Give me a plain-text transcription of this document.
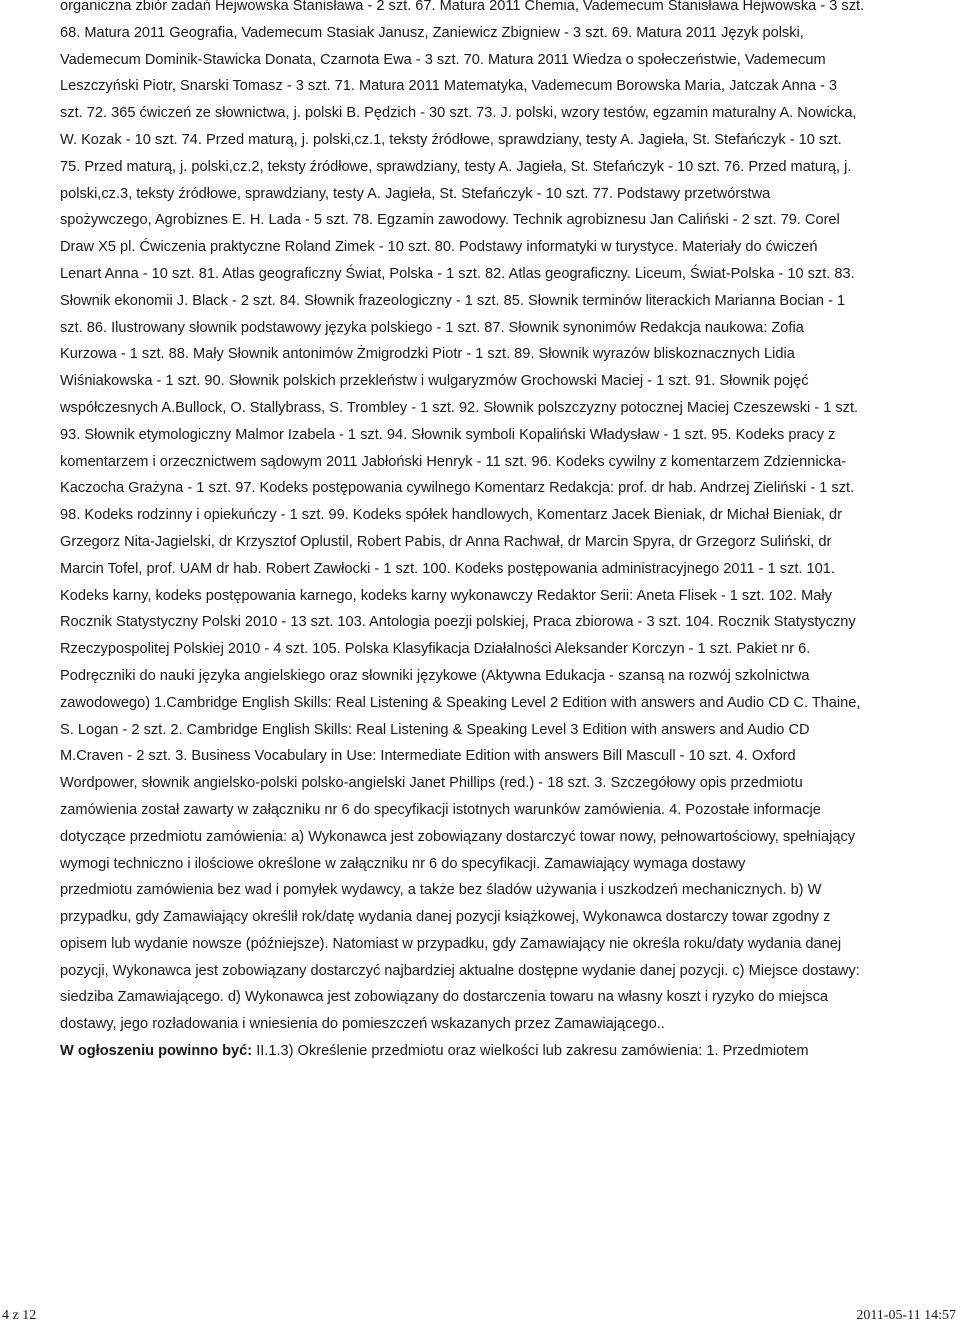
organiczna zbiór zadań Hejwowska Stanisława - 2 szt. 67. Matura 2011 Chemia, Vademecum Stanisława Hejwowska - 3 szt.
68. Matura 2011 Geografia, Vademecum Stasiak Janusz, Zaniewicz Zbigniew - 3 szt. 69. Matura 2011 Język polski,
Vademecum Dominik-Stawicka Donata, Czarnota Ewa - 3 szt. 70. Matura 2011 Wiedza o społeczeństwie, Vademecum
Leszczyński Piotr, Snarski Tomasz - 3 szt. 71. Matura 2011 Matematyka, Vademecum Borowska Maria, Jatczak Anna - 3
szt. 72. 365 ćwiczeń ze słownictwa, j. polski B. Pędzich - 30 szt. 73. J. polski, wzory testów, egzamin maturalny A. Nowicka,
W. Kozak - 10 szt. 74. Przed maturą, j. polski,cz.1, teksty źródłowe, sprawdziany, testy A. Jagieła, St. Stefańczyk - 10 szt.
75. Przed maturą, j. polski,cz.2, teksty źródłowe, sprawdziany, testy A. Jagieła, St. Stefańczyk - 10 szt. 76. Przed maturą, j.
polski,cz.3, teksty źródłowe, sprawdziany, testy A. Jagieła, St. Stefańczyk - 10 szt. 77. Podstawy przetwórstwa
spożywczego, Agrobiznes E. H. Lada - 5 szt. 78. Egzamin zawodowy. Technik agrobiznesu Jan Caliński - 2 szt. 79. Corel
Draw X5 pl. Ćwiczenia praktyczne Roland Zimek - 10 szt. 80. Podstawy informatyki w turystyce. Materiały do ćwiczeń
Lenart Anna - 10 szt. 81. Atlas geograficzny Świat, Polska - 1 szt. 82. Atlas geograficzny. Liceum, Świat-Polska - 10 szt. 83.
Słownik ekonomii J. Black - 2 szt. 84. Słownik frazeologiczny - 1 szt. 85. Słownik terminów literackich Marianna Bocian - 1
szt. 86. Ilustrowany słownik podstawowy języka polskiego - 1 szt. 87. Słownik synonimów Redakcja naukowa: Zofia
Kurzowa - 1 szt. 88. Mały Słownik antonimów Żmigrodzki Piotr - 1 szt. 89. Słownik wyrazów bliskoznacznych Lidia
Wiśniakowska - 1 szt. 90. Słownik polskich przekleństw i wulgaryzmów Grochowski Maciej - 1 szt. 91. Słownik pojęć
współczesnych A.Bullock, O. Stallybrass, S. Trombley - 1 szt. 92. Słownik polszczyzny potocznej Maciej Czeszewski - 1 szt.
93. Słownik etymologiczny Malmor Izabela - 1 szt. 94. Słownik symboli Kopaliński Władysław - 1 szt. 95. Kodeks pracy z
komentarzem i orzecznictwem sądowym 2011 Jabłoński Henryk - 11 szt. 96. Kodeks cywilny z komentarzem Zdziennicka-
Kaczocha Grażyna - 1 szt. 97. Kodeks postępowania cywilnego Komentarz Redakcja: prof. dr hab. Andrzej Zieliński - 1 szt.
98. Kodeks rodzinny i opiekuńczy - 1 szt. 99. Kodeks spółek handlowych, Komentarz Jacek Bieniak, dr Michał Bieniak, dr
Grzegorz Nita-Jagielski, dr Krzysztof Oplustil, Robert Pabis, dr Anna Rachwał, dr Marcin Spyra, dr Grzegorz Suliński, dr
Marcin Tofel, prof. UAM dr hab. Robert Zawłocki - 1 szt. 100. Kodeks postępowania administracyjnego 2011 - 1 szt. 101.
Kodeks karny, kodeks postępowania karnego, kodeks karny wykonawczy Redaktor Serii: Aneta Flisek - 1 szt. 102. Mały
Rocznik Statystyczny Polski 2010 - 13 szt. 103. Antologia poezji polskiej, Praca zbiorowa - 3 szt. 104. Rocznik Statystyczny
Rzeczypospolitej Polskiej 2010 - 4 szt. 105. Polska Klasyfikacja Działalności Aleksander Korczyn - 1 szt. Pakiet nr 6.
Podręczniki do nauki języka angielskiego oraz słowniki językowe (Aktywna Edukacja - szansą na rozwój szkolnictwa
zawodowego) 1.Cambridge English Skills: Real Listening & Speaking Level 2 Edition with answers and Audio CD C. Thaine,
S. Logan - 2 szt. 2. Cambridge English Skills: Real Listening & Speaking Level 3 Edition with answers and Audio CD
M.Craven - 2 szt. 3. Business Vocabulary in Use: Intermediate Edition with answers Bill Mascull - 10 szt. 4. Oxford
Wordpower, słownik angielsko-polski polsko-angielski Janet Phillips (red.) - 18 szt. 3. Szczegółowy opis przedmiotu
zamówienia został zawarty w załączniku nr 6 do specyfikacji istotnych warunków zamówienia. 4. Pozostałe informacje
dotyczące przedmiotu zamówienia: a) Wykonawca jest zobowiązany dostarczyć towar nowy, pełnowartościowy, spełniający
wymogi techniczno i ilościowe określone w załączniku nr 6 do specyfikacji. Zamawiający wymaga dostawy
przedmiotu zamówienia bez wad i pomyłek wydawcy, a także bez śladów używania i uszkodzeń mechanicznych. b) W
przypadku, gdy Zamawiający określił rok/datę wydania danej pozycji książkowej, Wykonawca dostarczy towar zgodny z
opisem lub wydanie nowsze (późniejsze). Natomiast w przypadku, gdy Zamawiający nie określa roku/daty wydania danej
pozycji, Wykonawca jest zobowiązany dostarczyć najbardziej aktualne dostępne wydanie danej pozycji. c) Miejsce dostawy:
siedziba Zamawiającego. d) Wykonawca jest zobowiązany do dostarczenia towaru na własny koszt i ryzyko do miejsca
dostawy, jego rozładowania i wniesienia do pomieszczeń wskazanych przez Zamawiającego..
W ogłoszeniu powinno być: II.1.3) Określenie przedmiotu oraz wielkości lub zakresu zamówienia: 1. Przedmiotem
4 z 12	2011-05-11 14:57
